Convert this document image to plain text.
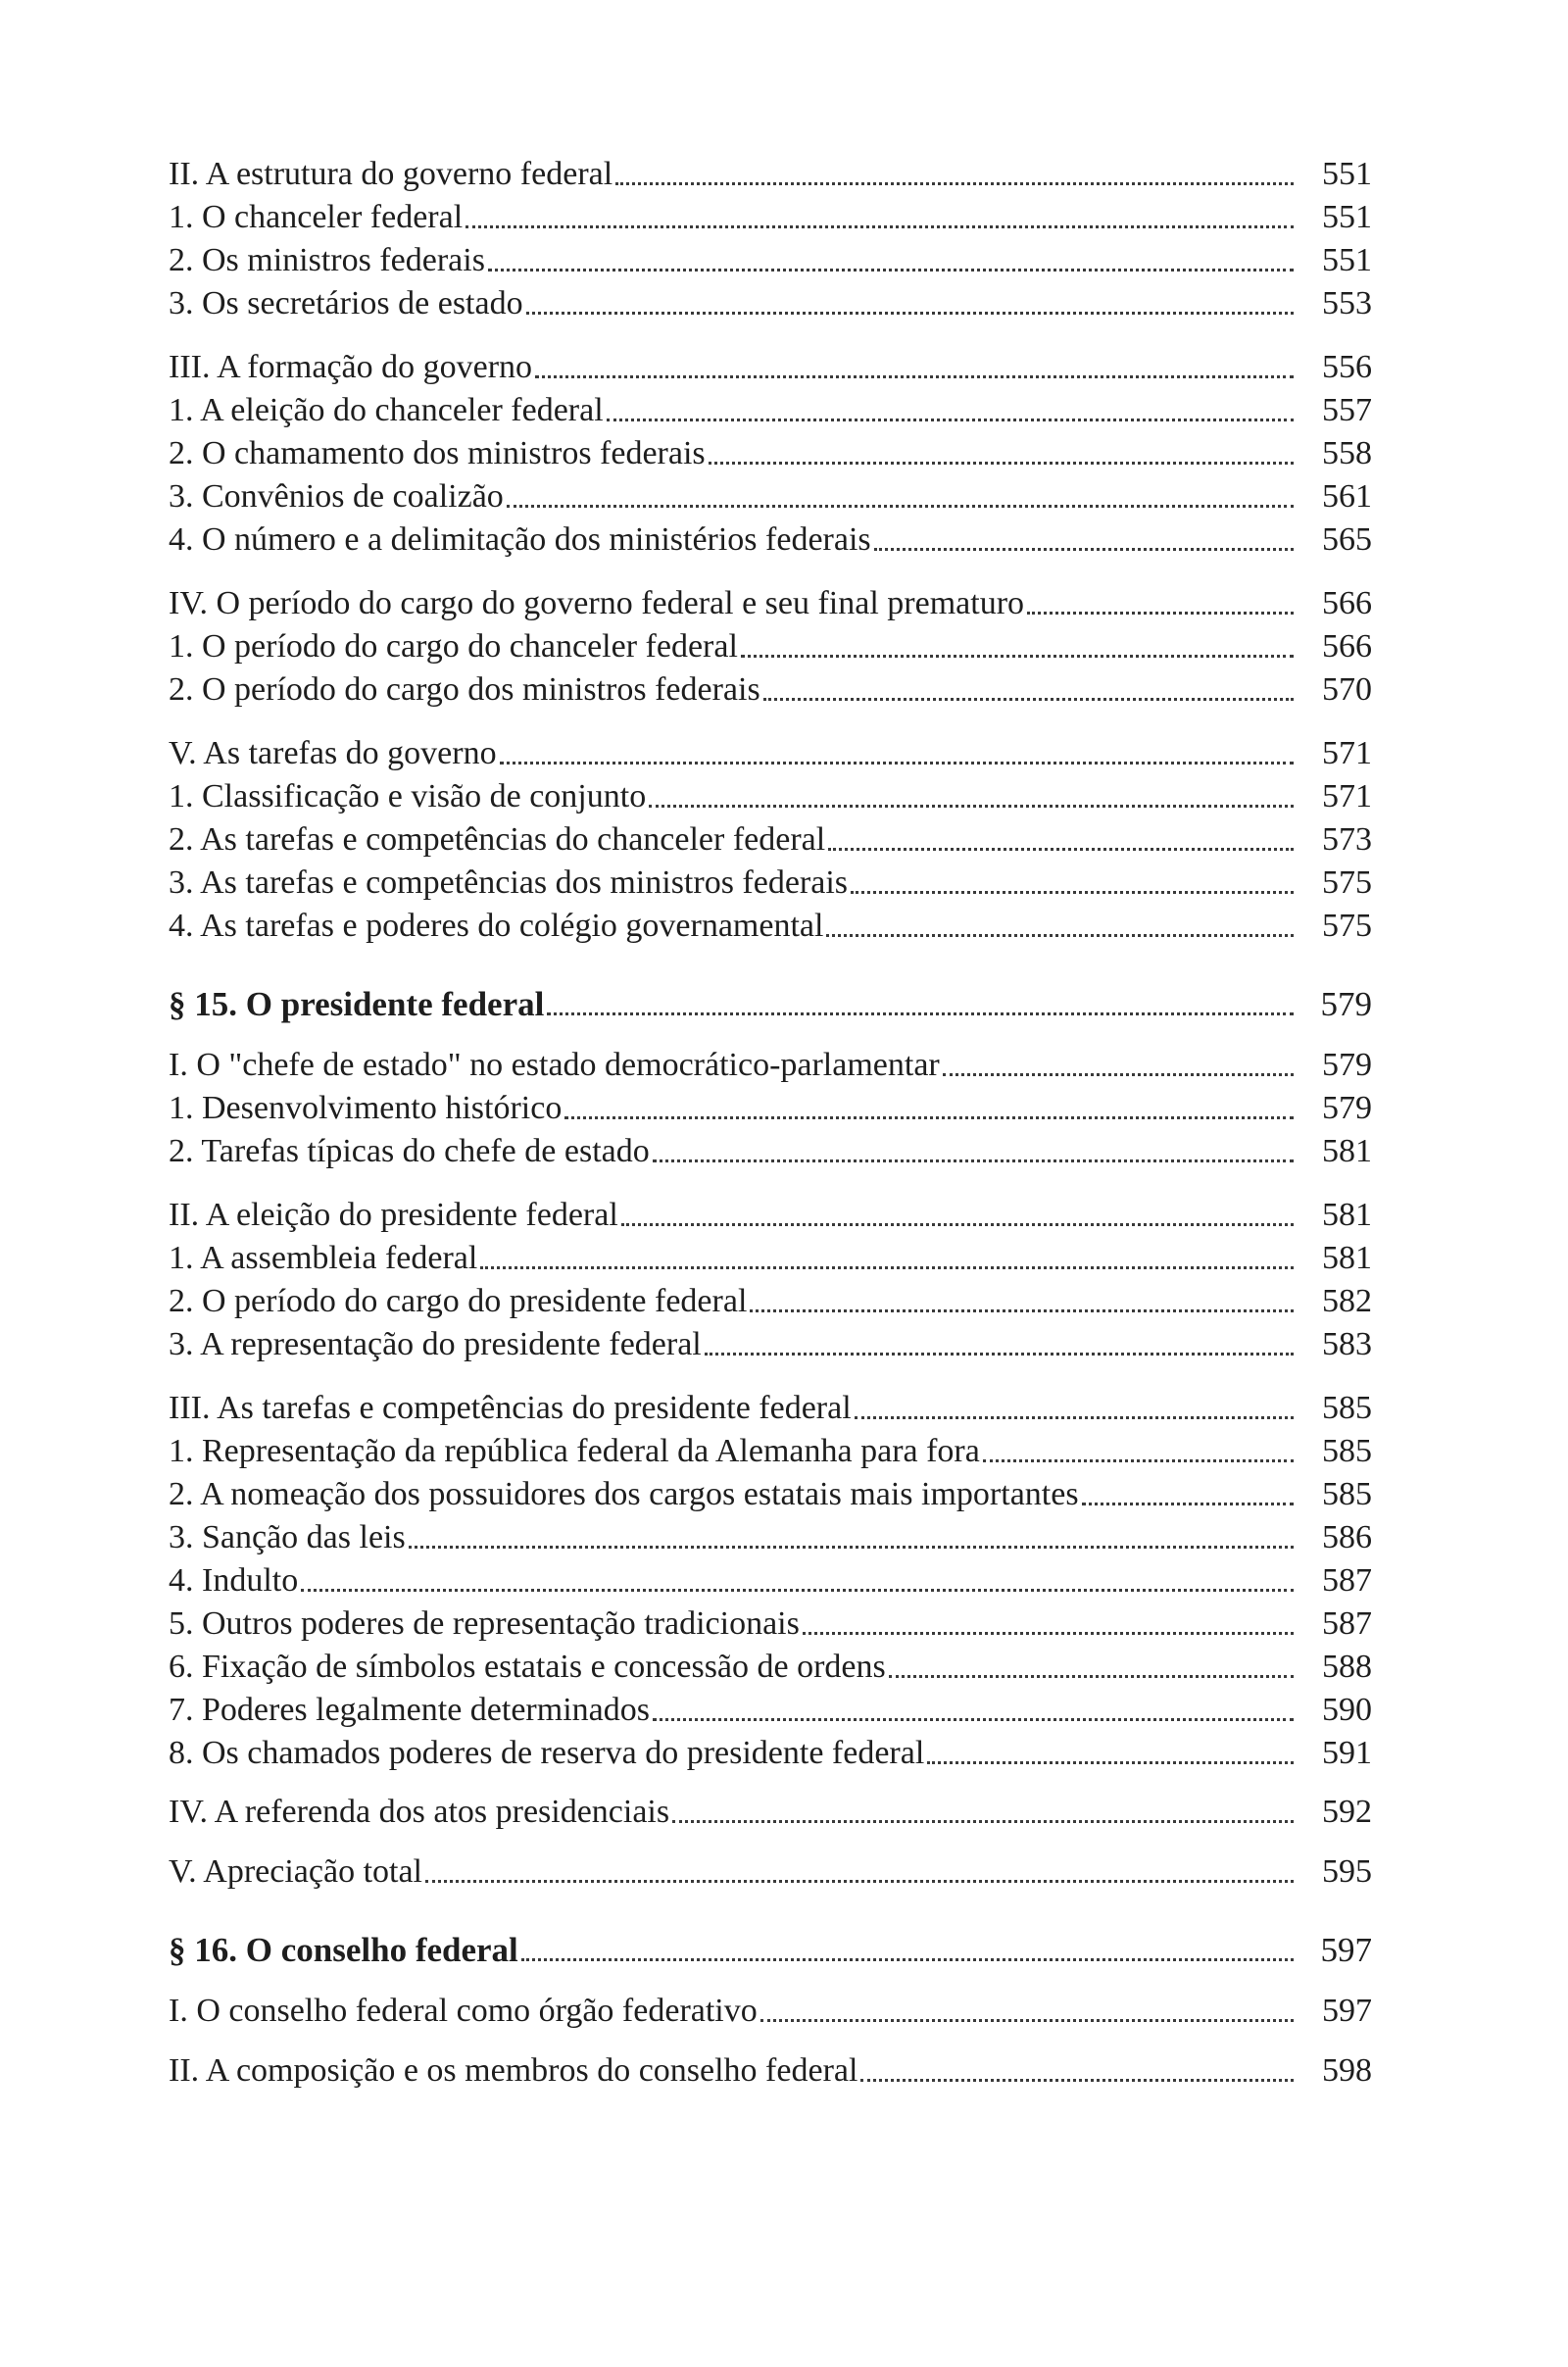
II. A estrutura do governo federal	551
1. O chanceler federal	551
2. Os ministros federais	551
3. Os secretários de estado	553
III. A formação do governo	556
1. A eleição do chanceler federal	557
2. O chamamento dos ministros federais	558
3. Convênios de coalizão	561
4. O número e a delimitação dos ministérios federais	565
IV. O período do cargo do governo federal e seu final prematuro	566
1. O período do cargo do chanceler federal	566
2. O período do cargo dos ministros federais	570
V. As tarefas do governo	571
1. Classificação e visão de conjunto	571
2. As tarefas e competências do chanceler federal	573
3. As tarefas e competências dos ministros federais	575
4. As tarefas e poderes do colégio governamental	575
§ 15. O presidente federal	579
I. O "chefe de estado" no estado democrático-parlamentar	579
1. Desenvolvimento histórico	579
2. Tarefas típicas do chefe de estado	581
II. A eleição do presidente federal	581
1. A assembleia federal	581
2. O período do cargo do presidente federal	582
3. A representação do presidente federal	583
III. As tarefas e competências do presidente federal	585
1. Representação da república federal da Alemanha para fora	585
2. A nomeação dos possuidores dos cargos estatais mais importantes	585
3. Sanção das leis	586
4. Indulto	587
5. Outros poderes de representação tradicionais	587
6. Fixação de símbolos estatais e concessão de ordens	588
7. Poderes legalmente determinados	590
8. Os chamados poderes de reserva do presidente federal	591
IV. A referenda dos atos presidenciais	592
V. Apreciação total	595
§ 16. O conselho federal	597
I. O conselho federal como órgão federativo	597
II. A composição e os membros do conselho federal	598
